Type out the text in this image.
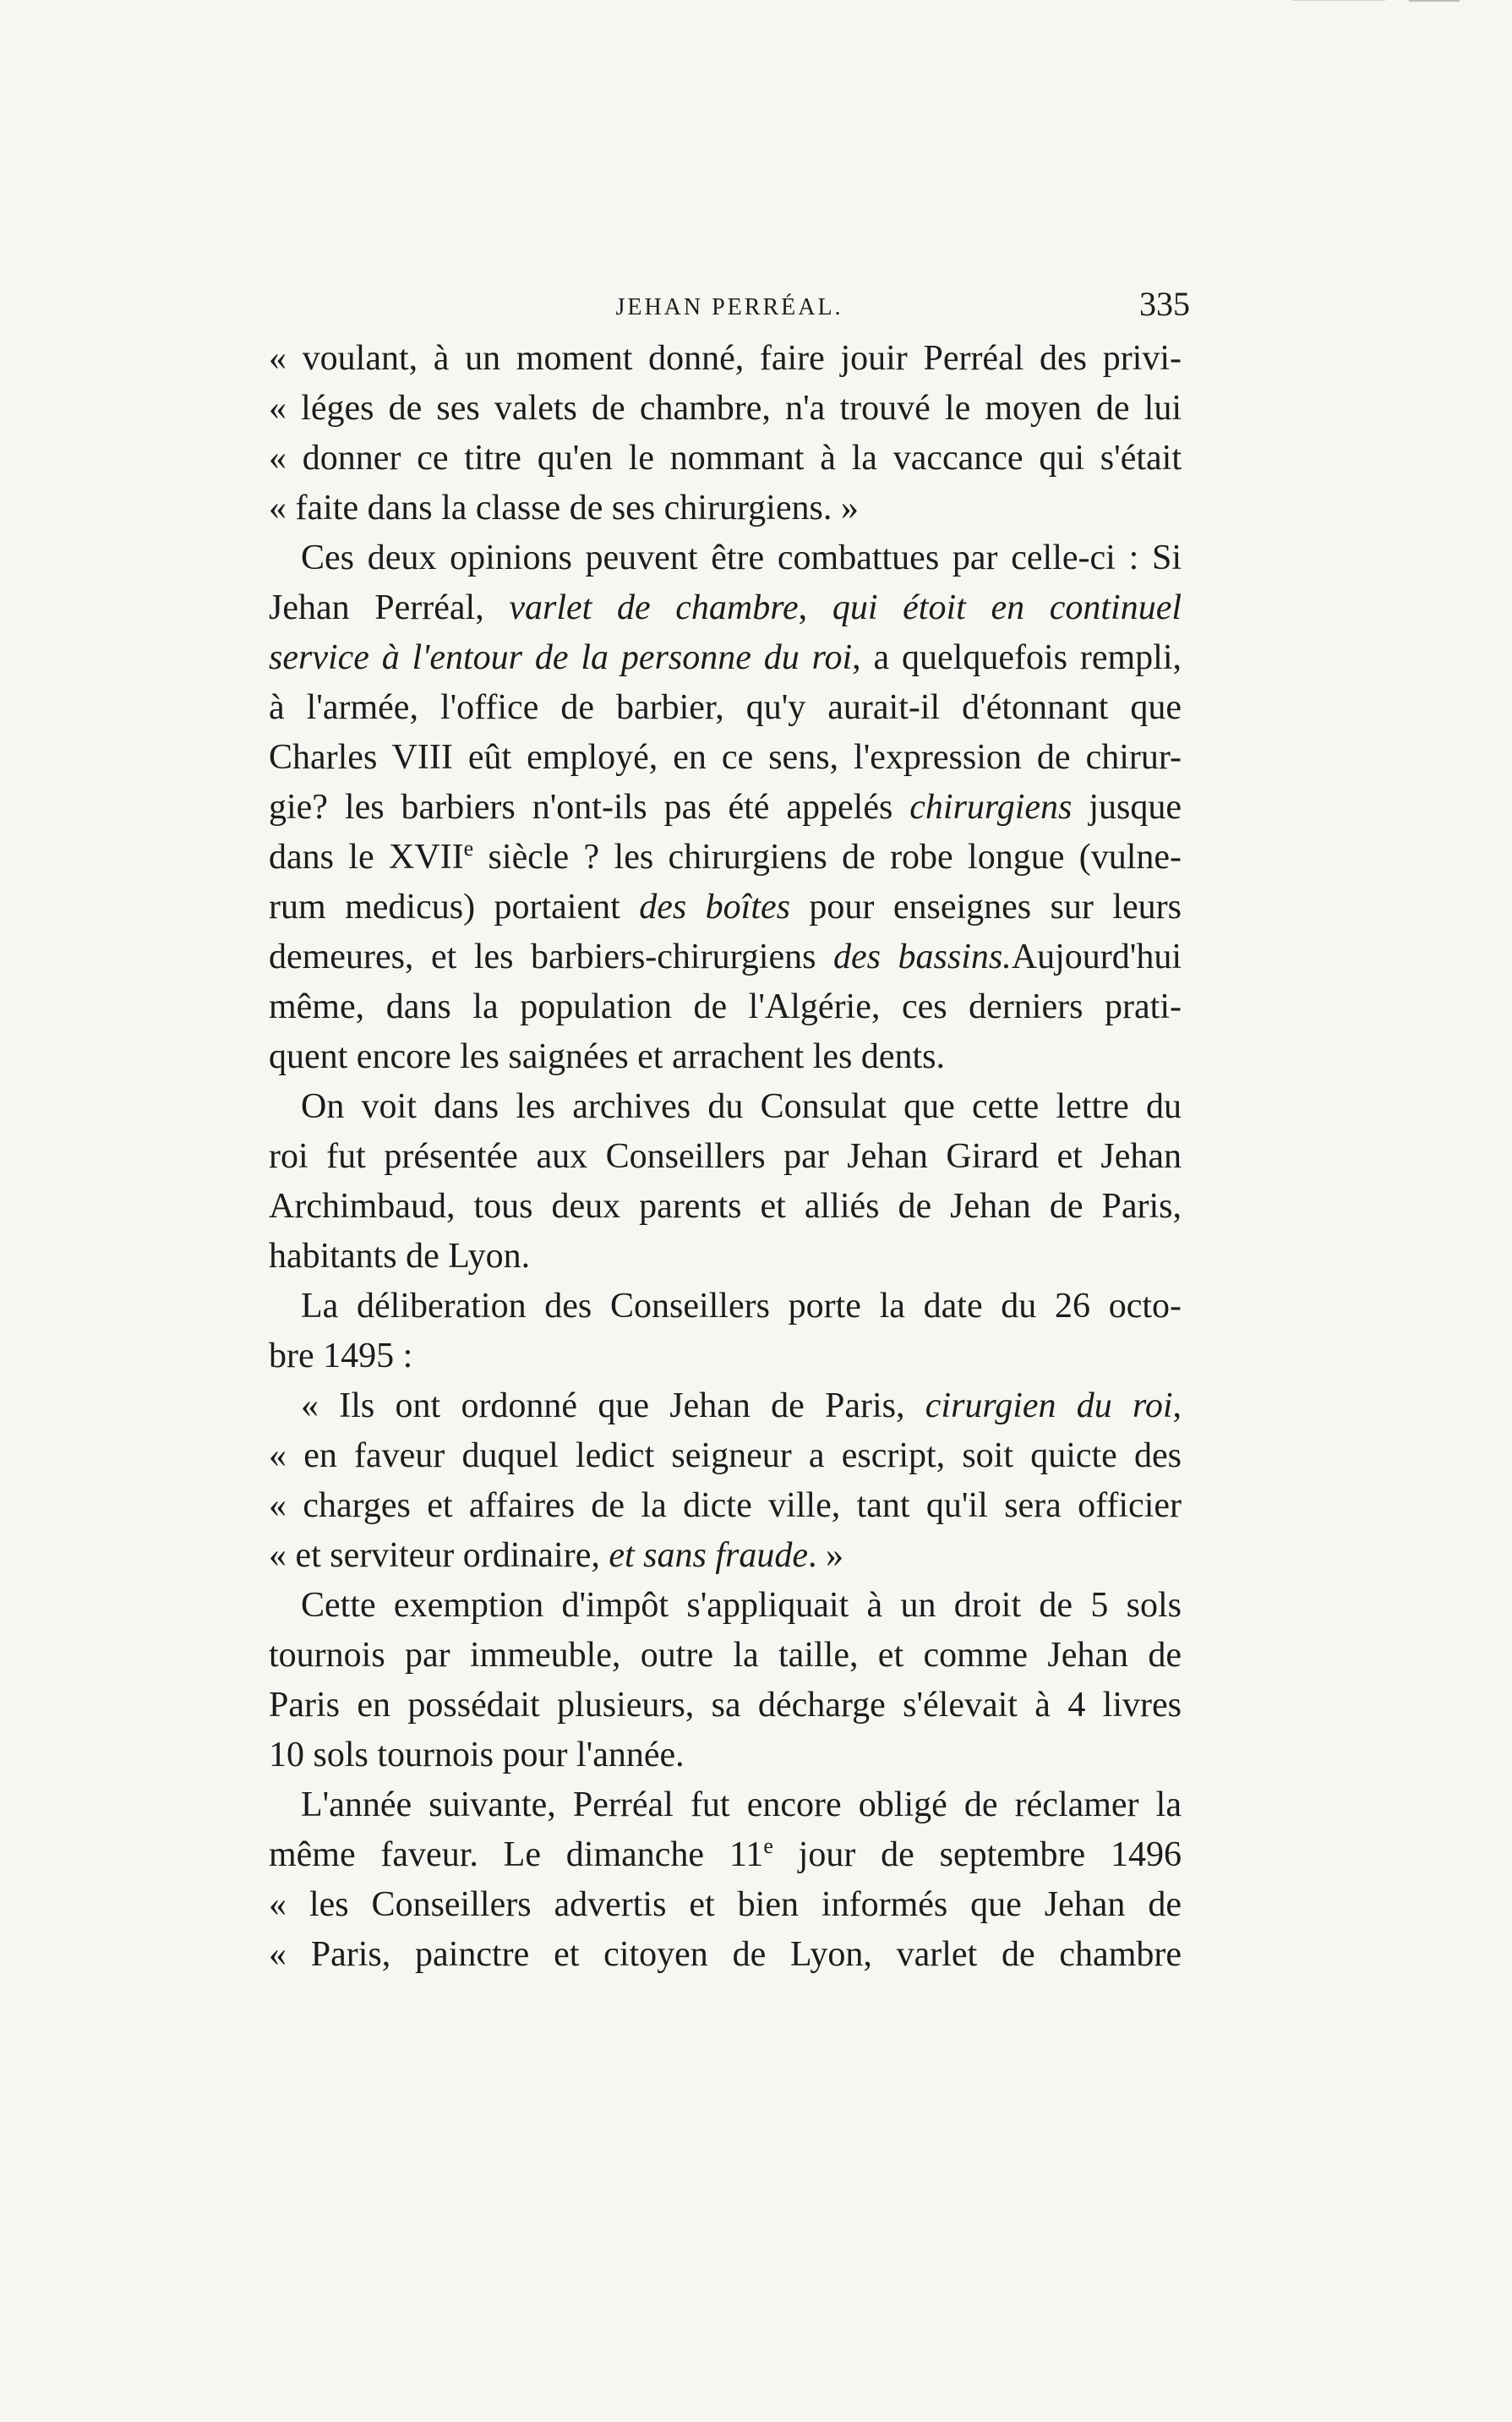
JEHAN PERRÉAL.	335
« voulant, à un moment donné, faire jouir Perréal des privi-
« léges de ses valets de chambre, n'a trouvé le moyen de lui
« donner ce titre qu'en le nommant à la vaccance qui s'était
« faite dans la classe de ses chirurgiens. »
Ces deux opinions peuvent être combattues par celle-ci : Si
Jehan Perréal, varlet de chambre, qui étoit en continuel
service à l'entour de la personne du roi, a quelquefois rempli,
à l'armée, l'office de barbier, qu'y aurait-il d'étonnant que
Charles VIII eût employé, en ce sens, l'expression de chirur-
gie? les barbiers n'ont-ils pas été appelés chirurgiens jusque
dans le XVIIe siècle ? les chirurgiens de robe longue (vulne-
rum medicus) portaient des boîtes pour enseignes sur leurs
demeures, et les barbiers-chirurgiens des bassins.Aujourd'hui
même, dans la population de l'Algérie, ces derniers prati-
quent encore les saignées et arrachent les dents.
On voit dans les archives du Consulat que cette lettre du
roi fut présentée aux Conseillers par Jehan Girard et Jehan
Archimbaud, tous deux parents et alliés de Jehan de Paris,
habitants de Lyon.
La déliberation des Conseillers porte la date du 26 octo-
bre 1495 :
« Ils ont ordonné que Jehan de Paris, cirurgien du roi,
« en faveur duquel ledict seigneur a escript, soit quicte des
« charges et affaires de la dicte ville, tant qu'il sera officier
« et serviteur ordinaire, et sans fraude. »
Cette exemption d'impôt s'appliquait à un droit de 5 sols
tournois par immeuble, outre la taille, et comme Jehan de
Paris en possédait plusieurs, sa décharge s'élevait à 4 livres
10 sols tournois pour l'année.
L'année suivante, Perréal fut encore obligé de réclamer la
même faveur. Le dimanche 11e jour de septembre 1496
« les Conseillers advertis et bien informés que Jehan de
« Paris, painctre et citoyen de Lyon, varlet de chambre
